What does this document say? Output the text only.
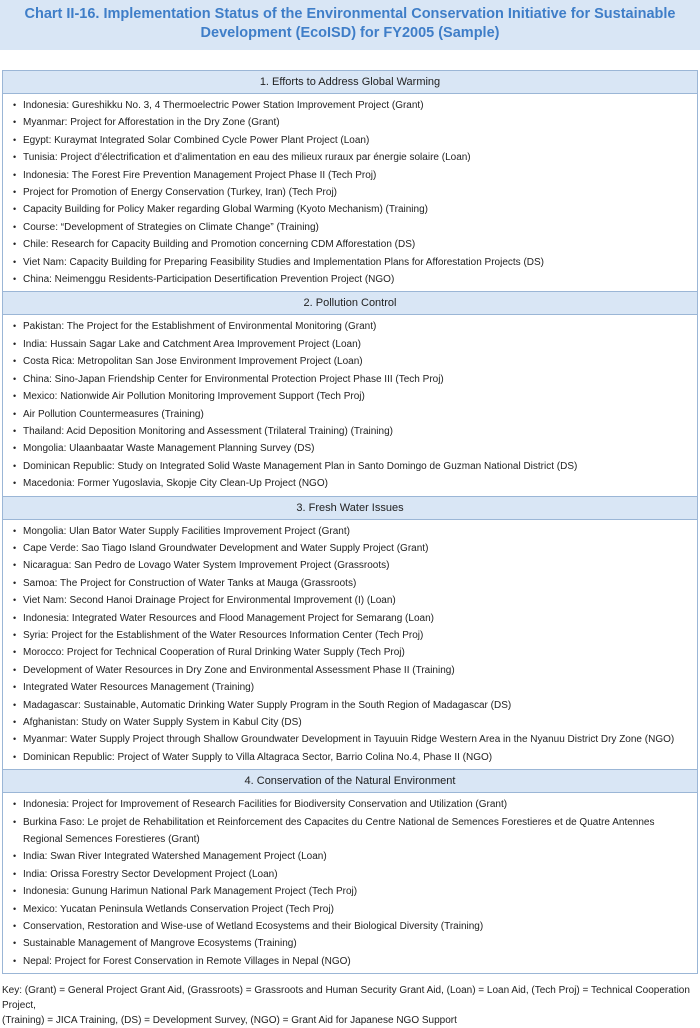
Chart II-16. Implementation Status of the Environmental Conservation Initiative for Sustainable
Development (EcoISD) for FY2005 (Sample)
1. Efforts to Address Global Warming
• Indonesia: Gureshikku No. 3, 4 Thermoelectric Power Station Improvement Project (Grant)
• Myanmar: Project for Afforestation in the Dry Zone (Grant)
• Egypt: Kuraymat Integrated Solar Combined Cycle Power Plant Project (Loan)
• Tunisia: Project d’électrification et d’alimentation en eau des milieux ruraux par énergie solaire (Loan)
• Indonesia: The Forest Fire Prevention Management Project Phase II (Tech Proj)
• Project for Promotion of Energy Conservation (Turkey, Iran) (Tech Proj)
• Capacity Building for Policy Maker regarding Global Warming (Kyoto Mechanism) (Training)
• Course: “Development of Strategies on Climate Change” (Training)
• Chile: Research for Capacity Building and Promotion concerning CDM Afforestation (DS)
• Viet Nam: Capacity Building for Preparing Feasibility Studies and Implementation Plans for Afforestation Projects (DS)
• China: Neimenggu Residents-Participation Desertification Prevention Project (NGO)
2. Pollution Control
• Pakistan: The Project for the Establishment of Environmental Monitoring (Grant)
• India: Hussain Sagar Lake and Catchment Area Improvement Project (Loan)
• Costa Rica: Metropolitan San Jose Environment Improvement Project (Loan)
• China: Sino-Japan Friendship Center for Environmental Protection Project Phase III (Tech Proj)
• Mexico: Nationwide Air Pollution Monitoring Improvement Support (Tech Proj)
• Air Pollution Countermeasures (Training)
• Thailand: Acid Deposition Monitoring and Assessment (Trilateral Training) (Training)
• Mongolia: Ulaanbaatar Waste Management Planning Survey (DS)
• Dominican Republic: Study on Integrated Solid Waste Management Plan in Santo Domingo de Guzman National District (DS)
• Macedonia: Former Yugoslavia, Skopje City Clean-Up Project (NGO)
3. Fresh Water Issues
• Mongolia: Ulan Bator Water Supply Facilities Improvement Project (Grant)
• Cape Verde: Sao Tiago Island Groundwater Development and Water Supply Project (Grant)
• Nicaragua: San Pedro de Lovago Water System Improvement Project (Grassroots)
• Samoa: The Project for Construction of Water Tanks at Mauga (Grassroots)
• Viet Nam: Second Hanoi Drainage Project for Environmental Improvement (I) (Loan)
• Indonesia: Integrated Water Resources and Flood Management Project for Semarang (Loan)
• Syria: Project for the Establishment of the Water Resources Information Center (Tech Proj)
• Morocco: Project for Technical Cooperation of Rural Drinking Water Supply (Tech Proj)
• Development of Water Resources in Dry Zone and Environmental Assessment Phase II (Training)
• Integrated Water Resources Management (Training)
• Madagascar: Sustainable, Automatic Drinking Water Supply Program in the South Region of Madagascar (DS)
• Afghanistan: Study on Water Supply System in Kabul City (DS)
• Myanmar: Water Supply Project through Shallow Groundwater Development in Tayuuin Ridge Western Area in the Nyanuu District Dry Zone (NGO)
• Dominican Republic: Project of Water Supply to Villa Altagraca Sector, Barrio Colina No.4, Phase II (NGO)
4. Conservation of the Natural Environment
• Indonesia: Project for Improvement of Research Facilities for Biodiversity Conservation and Utilization (Grant)
• Burkina Faso: Le projet de Rehabilitation et Reinforcement des Capacites du Centre National de Semences Forestieres et de Quatre Antennes Regional Semences Forestieres (Grant)
• India: Swan River Integrated Watershed Management Project (Loan)
• India: Orissa Forestry Sector Development Project (Loan)
• Indonesia: Gunung Harimun National Park Management Project (Tech Proj)
• Mexico: Yucatan Peninsula Wetlands Conservation Project (Tech Proj)
• Conservation, Restoration and Wise-use of Wetland Ecosystems and their Biological Diversity (Training)
• Sustainable Management of Mangrove Ecosystems (Training)
• Nepal: Project for Forest Conservation in Remote Villages in Nepal (NGO)
Key: (Grant) = General Project Grant Aid, (Grassroots) = Grassroots and Human Security Grant Aid, (Loan) = Loan Aid, (Tech Proj) = Technical Cooperation Project,
(Training) = JICA Training, (DS) = Development Survey, (NGO) = Grant Aid for Japanese NGO Support
